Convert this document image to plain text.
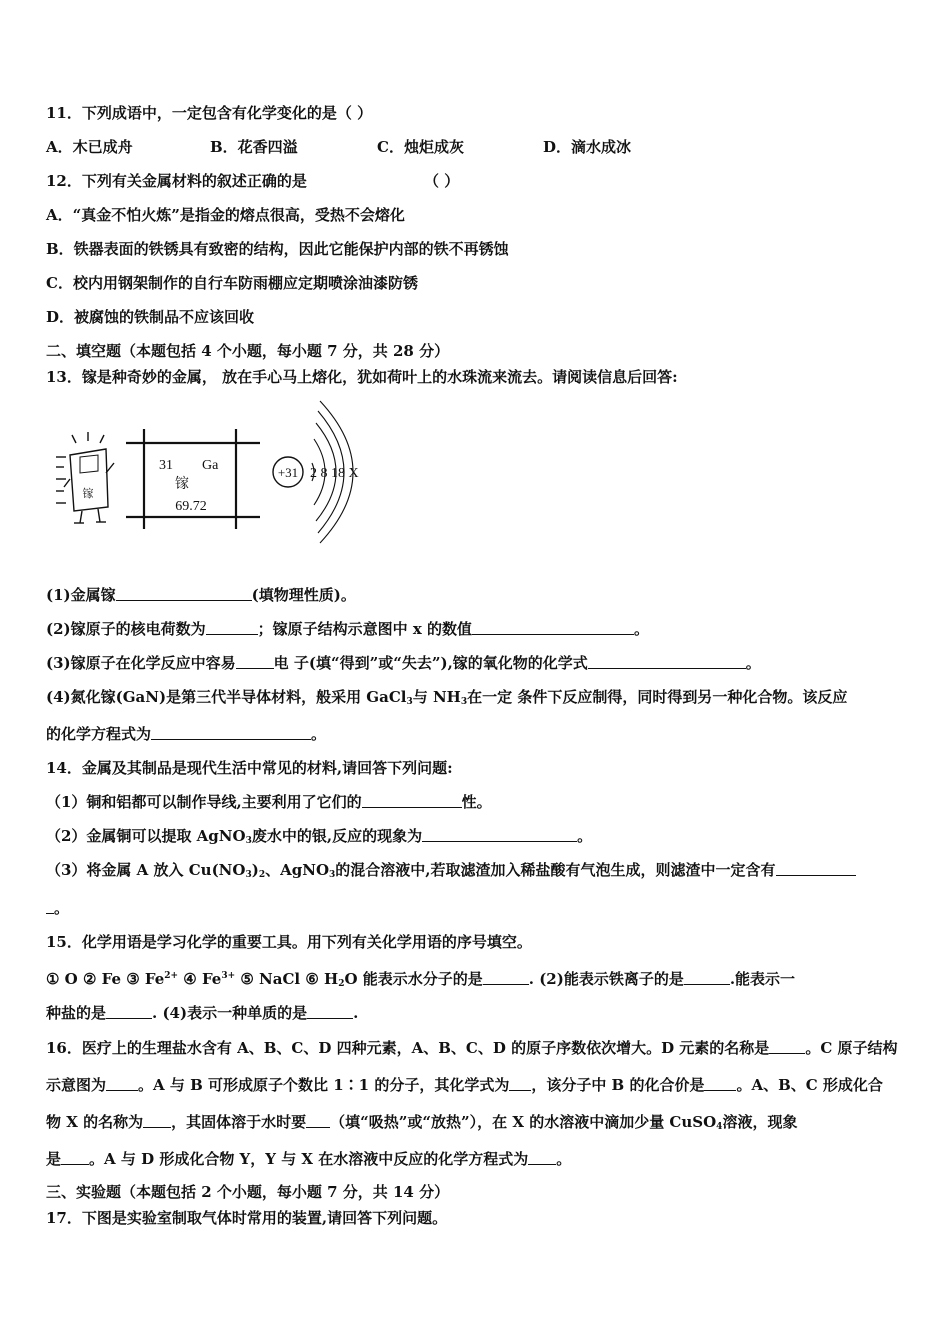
11．下列成语中，一定包含有化学变化的是（ ）
A．木已成舟	B．花香四溢	C．烛炬成灰	D．滴水成冰
12．下列有关金属材料的叙述正确的是	（ ）
A．“真金不怕火炼”是指金的熔点很高，受热不会熔化
B．铁器表面的铁锈具有致密的结构，因此它能保护内部的铁不再锈蚀
C．校内用钢架制作的自行车防雨棚应定期喷涂油漆防锈
D．被腐蚀的铁制品不应该回收
二、填空题（本题包括 4 个小题，每小题 7 分，共 28 分）
13．镓是种奇妙的金属， 放在手心马上熔化，犹如荷叶上的水珠流来流去。请阅读信息后回答:
镓
31 Ga
镓
69.72
+31 2 8 18 X
(1)金属镓	(填物理性质)。
(2)镓原子的核电荷数为	；镓原子结构示意图中 x 的数值	。
(3)镓原子在化学反应中容易	电 子(填“得到”或“失去”),镓的氧化物的化学式	。
(4)氮化镓(GaN)是第三代半导体材料，般采用 GaCl$_3$与 $NH_3$在一定 条件下反应制得，同时得到另一种化合物。该反应
的化学方程式为	。
14．金属及其制品是现代生活中常见的材料,请回答下列问题:
（1）铜和铝都可以制作导线,主要利用了它们的	性。
（2）金属铜可以提取 AgNO$_3$废水中的银,反应的现象为	。
（3）将金属 A 放入 $Cu(NO_3)_2$、AgNO$_3$的混合溶液中,若取滤渣加入稀盐酸有气泡生成，则滤渣中一定含有
。
15．化学用语是学习化学的重要工具。用下列有关化学用语的序号填空。
① O ② Fe ③ $Fe^{2+}$ ④ $Fe^{3+}$ ⑤ NaCl ⑥ $H_2O$ 能表示水分子的是	. (2)能表示铁离子的是	.能表示一
种盐的是	. (4)表示一种单质的是	.
16．医疗上的生理盐水含有 A、B、C、D 四种元素，A、B、C、D 的原子序数依次增大。D 元素的名称是 。C 原子结构
示意图为 。A 与 B 可形成原子个数比 1∶1 的分子，其化学式为 ，该分子中 B 的化合价是 。A、B、C 形成化合
物 X 的名称为 ，其固体溶于水时要 （填“吸热”或“放热”），在 X 的水溶液中滴加少量 CuSO$_4$溶液，现象
是 。A 与 D 形成化合物 Y，Y 与 X 在水溶液中反应的化学方程式为 。
三、实验题（本题包括 2 个小题，每小题 7 分，共 14 分）
17．下图是实验室制取气体时常用的装置,请回答下列问题。
